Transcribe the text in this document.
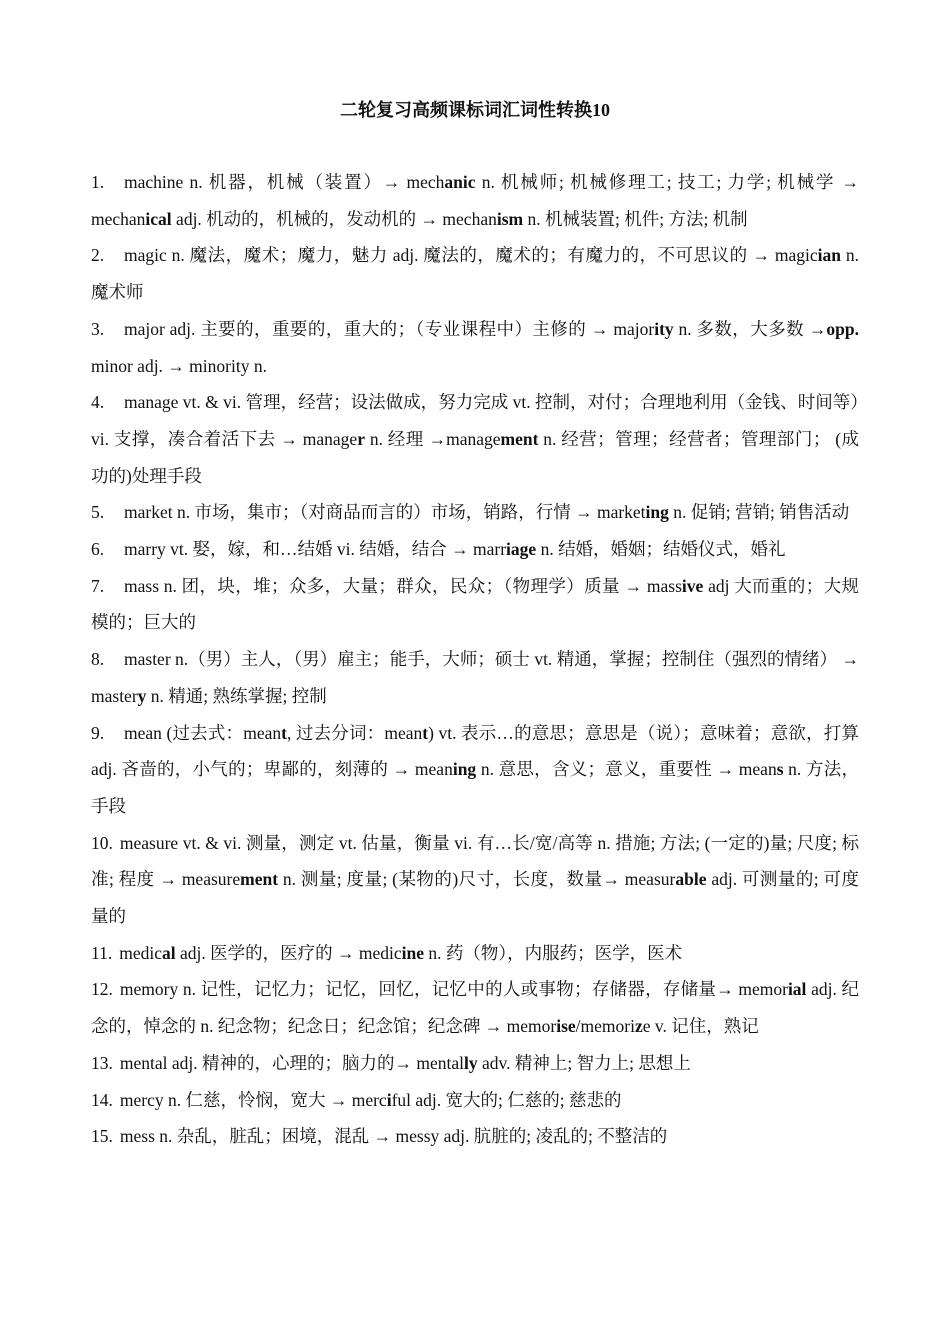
二轮复习高频课标词汇词性转换10

1. machine n. 机器，机械（装置）→ mechanic n. 机械师; 机械修理工; 技工; 力学; 机械学 → mechanical adj. 机动的，机械的，发动机的 → mechanism n. 机械装置; 机件; 方法; 机制

2. magic n. 魔法，魔术；魔力，魅力 adj. 魔法的，魔术的；有魔力的，不可思议的 → magician n. 魔术师

3. major adj. 主要的，重要的，重大的；（专业课程中）主修的 → majority n. 多数，大多数 →opp. minor adj. → minority n.

4. manage vt. & vi. 管理，经营；设法做成，努力完成 vt. 控制，对付；合理地利用（金钱、时间等）vi. 支撑，凑合着活下去 → manager n. 经理 →management n. 经营；管理；经营者；管理部门； (成功的)处理手段

5. market n. 市场，集市；（对商品而言的）市场，销路，行情 → marketing n. 促销; 营销; 销售活动

6. marry vt. 娶，嫁，和…结婚 vi. 结婚，结合 → marriage n. 结婚，婚姻；结婚仪式，婚礼

7. mass n. 团，块，堆；众多，大量；群众，民众；（物理学）质量 → massive adj 大而重的；大规模的；巨大的

8. master n.（男）主人，（男）雇主；能手，大师；硕士 vt. 精通，掌握；控制住（强烈的情绪） → mastery n. 精通; 熟练掌握; 控制

9. mean (过去式：meant, 过去分词：meant) vt. 表示…的意思；意思是（说）；意味着；意欲，打算 adj. 吝啬的，小气的；卑鄙的，刻薄的 → meaning n. 意思，含义；意义，重要性 → means n. 方法，手段

10. measure vt. & vi. 测量，测定 vt. 估量，衡量 vi. 有…长/宽/高等 n. 措施; 方法; (一定的)量; 尺度; 标准; 程度 → measurement n. 测量; 度量; (某物的)尺寸，长度，数量→ measurable adj. 可测量的; 可度量的

11. medical adj. 医学的，医疗的 → medicine n. 药（物），内服药；医学，医术

12. memory n. 记性，记忆力；记忆，回忆，记忆中的人或事物；存储器，存储量→ memorial adj. 纪念的，悼念的 n. 纪念物；纪念日；纪念馆；纪念碑 → memorise/memorize v. 记住，熟记

13. mental adj. 精神的，心理的；脑力的→ mentally adv. 精神上; 智力上; 思想上

14. mercy n. 仁慈，怜悯，宽大 → merciful adj. 宽大的; 仁慈的; 慈悲的

15. mess n. 杂乱，脏乱；困境，混乱 → messy adj. 肮脏的; 凌乱的; 不整洁的
